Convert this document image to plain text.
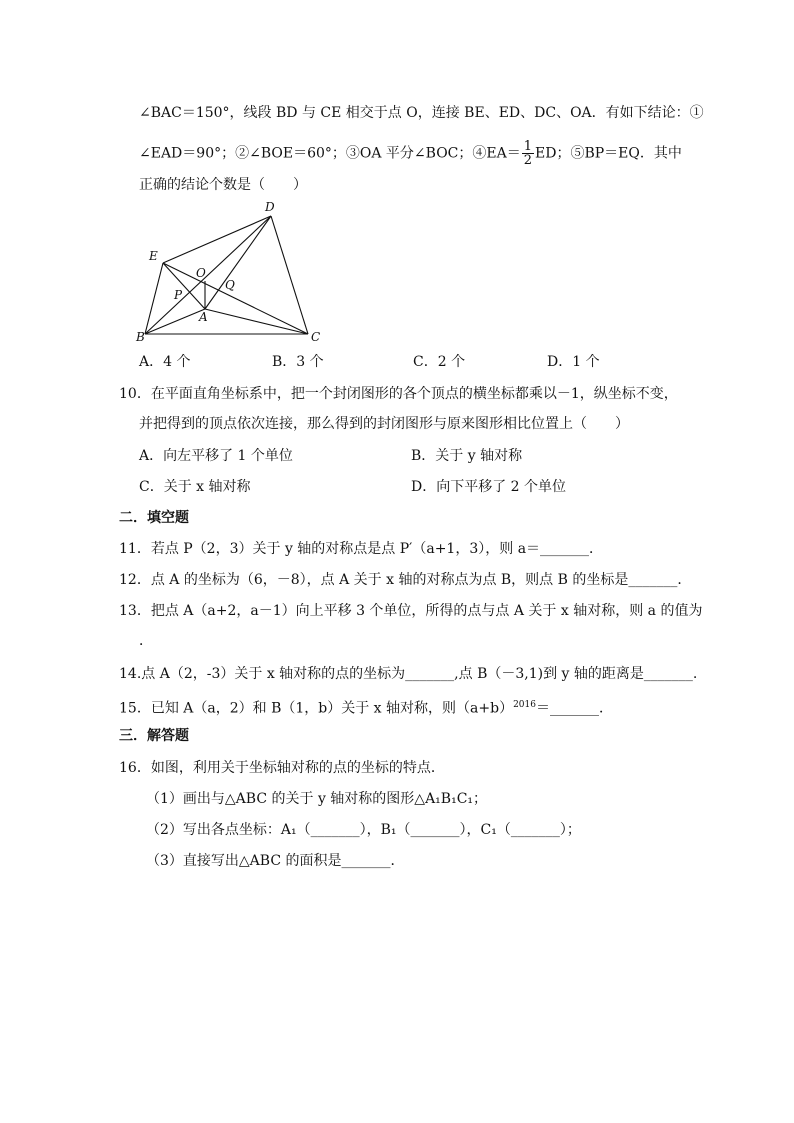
∠BAC＝150°，线段 BD 与 CE 相交于点 O，连接 BE、ED、DC、OA．有如下结论：①
∠EAD＝90°；②∠BOE＝60°；③OA 平分∠BOC；④EA＝ $\frac{1}{2}$ ED；⑤BP＝EQ．其中
正确的结论个数是（　　）
D
E
O
P
Q
A
B	C
A．4 个	B．3 个	C．2 个	D．1 个
10．在平面直角坐标系中，把一个封闭图形的各个顶点的横坐标都乘以－1，纵坐标不变，
并把得到的顶点依次连接，那么得到的封闭图形与原来图形相比位置上（　　）
A．向左平移了 1 个单位	B．关于 y 轴对称
C．关于 x 轴对称	D．向下平移了 2 个单位
二．填空题
11．若点 P（2，3）关于 y 轴的对称点是点 P′（a+1，3），则 a＝_______．
12．点 A 的坐标为（6，－8），点 A 关于 x 轴的对称点为点 B，则点 B 的坐标是_______．
13．把点 A（a+2，a－1）向上平移 3 个单位，所得的点与点 A 关于 x 轴对称，则 a 的值为
．
14.点 A（2，-3）关于 x 轴对称的点的坐标为_______,点 B（－3,1)到 y 轴的距离是_______.
15．已知 A（a，2）和 B（1，b）关于 x 轴对称，则$(a+b)^{2016}=\_\_\_\_\_\_\_$．
三．解答题
16．如图，利用关于坐标轴对称的点的坐标的特点．
（1）画出与△ABC 的关于 y 轴对称的图形△A₁B₁C₁；
（2）写出各点坐标：A₁（_______），B₁（_______），C₁（_______）；
（3）直接写出△ABC 的面积是_______．
